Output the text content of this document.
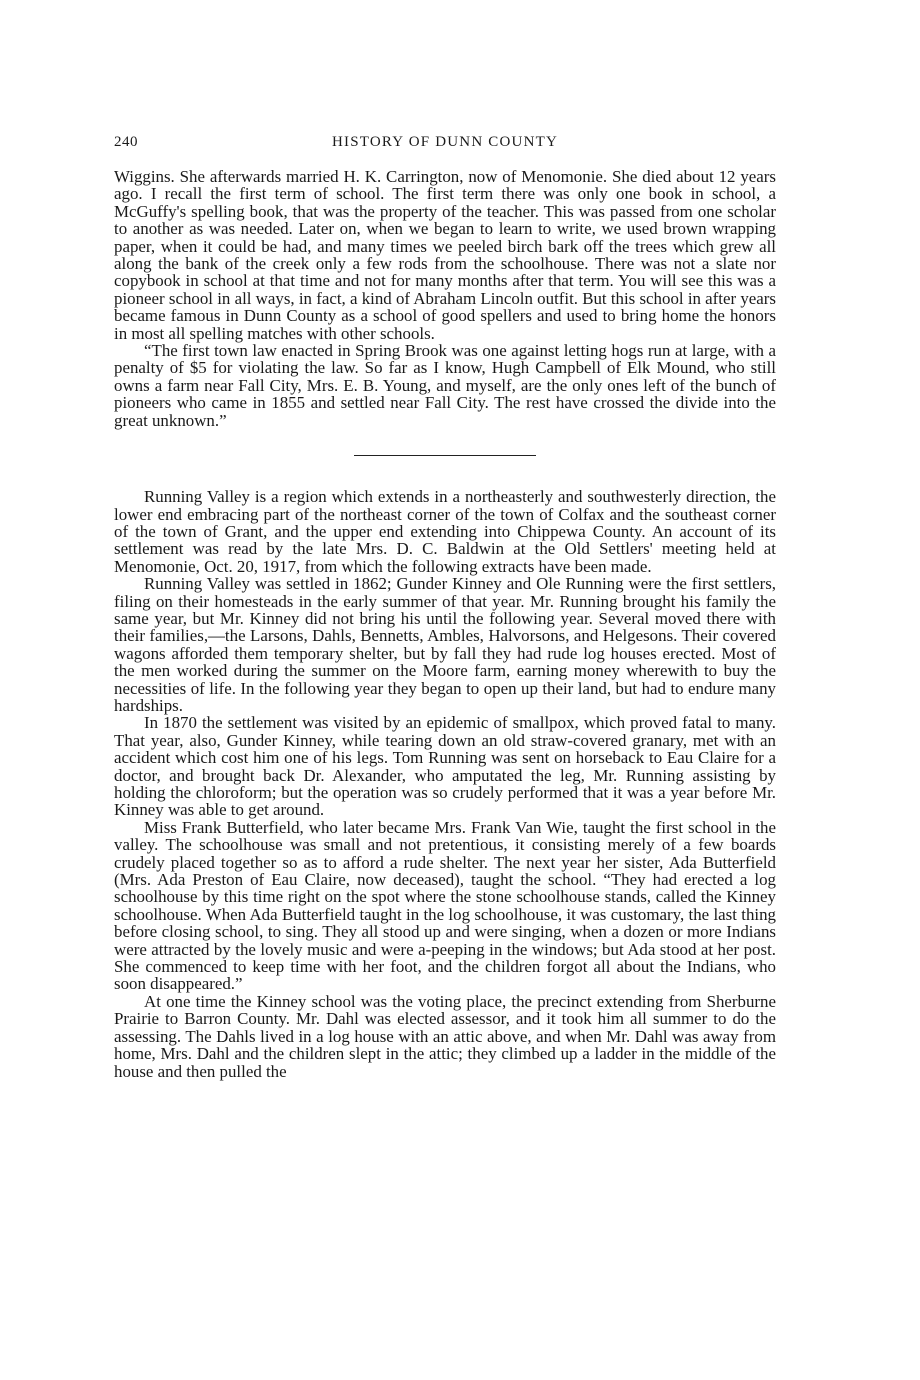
240	HISTORY OF DUNN COUNTY

Wiggins. She afterwards married H. K. Carrington, now of Menomonie. She died about 12 years ago. I recall the first term of school. The first term there was only one book in school, a McGuffy's spelling book, that was the property of the teacher. This was passed from one scholar to another as was needed. Later on, when we began to learn to write, we used brown wrapping paper, when it could be had, and many times we peeled birch bark off the trees which grew all along the bank of the creek only a few rods from the schoolhouse. There was not a slate nor copybook in school at that time and not for many months after that term. You will see this was a pioneer school in all ways, in fact, a kind of Abraham Lincoln outfit. But this school in after years became famous in Dunn County as a school of good spellers and used to bring home the honors in most all spelling matches with other schools.

“The first town law enacted in Spring Brook was one against letting hogs run at large, with a penalty of $5 for violating the law. So far as I know, Hugh Campbell of Elk Mound, who still owns a farm near Fall City, Mrs. E. B. Young, and myself, are the only ones left of the bunch of pioneers who came in 1855 and settled near Fall City. The rest have crossed the divide into the great unknown.”

Running Valley is a region which extends in a northeasterly and southwesterly direction, the lower end embracing part of the northeast corner of the town of Colfax and the southeast corner of the town of Grant, and the upper end extending into Chippewa County. An account of its settlement was read by the late Mrs. D. C. Baldwin at the Old Settlers' meeting held at Menomonie, Oct. 20, 1917, from which the following extracts have been made.

Running Valley was settled in 1862; Gunder Kinney and Ole Running were the first settlers, filing on their homesteads in the early summer of that year. Mr. Running brought his family the same year, but Mr. Kinney did not bring his until the following year. Several moved there with their families,—the Larsons, Dahls, Bennetts, Ambles, Halvorsons, and Helgesons. Their covered wagons afforded them temporary shelter, but by fall they had rude log houses erected. Most of the men worked during the summer on the Moore farm, earning money wherewith to buy the necessities of life. In the following year they began to open up their land, but had to endure many hardships.

In 1870 the settlement was visited by an epidemic of smallpox, which proved fatal to many. That year, also, Gunder Kinney, while tearing down an old straw-covered granary, met with an accident which cost him one of his legs. Tom Running was sent on horseback to Eau Claire for a doctor, and brought back Dr. Alexander, who amputated the leg, Mr. Running assisting by holding the chloroform; but the operation was so crudely performed that it was a year before Mr. Kinney was able to get around.

Miss Frank Butterfield, who later became Mrs. Frank Van Wie, taught the first school in the valley. The schoolhouse was small and not pretentious, it consisting merely of a few boards crudely placed together so as to afford a rude shelter. The next year her sister, Ada Butterfield (Mrs. Ada Preston of Eau Claire, now deceased), taught the school. “They had erected a log schoolhouse by this time right on the spot where the stone schoolhouse stands, called the Kinney schoolhouse. When Ada Butterfield taught in the log schoolhouse, it was customary, the last thing before closing school, to sing. They all stood up and were singing, when a dozen or more Indians were attracted by the lovely music and were a-peeping in the windows; but Ada stood at her post. She commenced to keep time with her foot, and the children forgot all about the Indians, who soon disappeared.”

At one time the Kinney school was the voting place, the precinct extending from Sherburne Prairie to Barron County. Mr. Dahl was elected assessor, and it took him all summer to do the assessing. The Dahls lived in a log house with an attic above, and when Mr. Dahl was away from home, Mrs. Dahl and the children slept in the attic; they climbed up a ladder in the middle of the house and then pulled the
